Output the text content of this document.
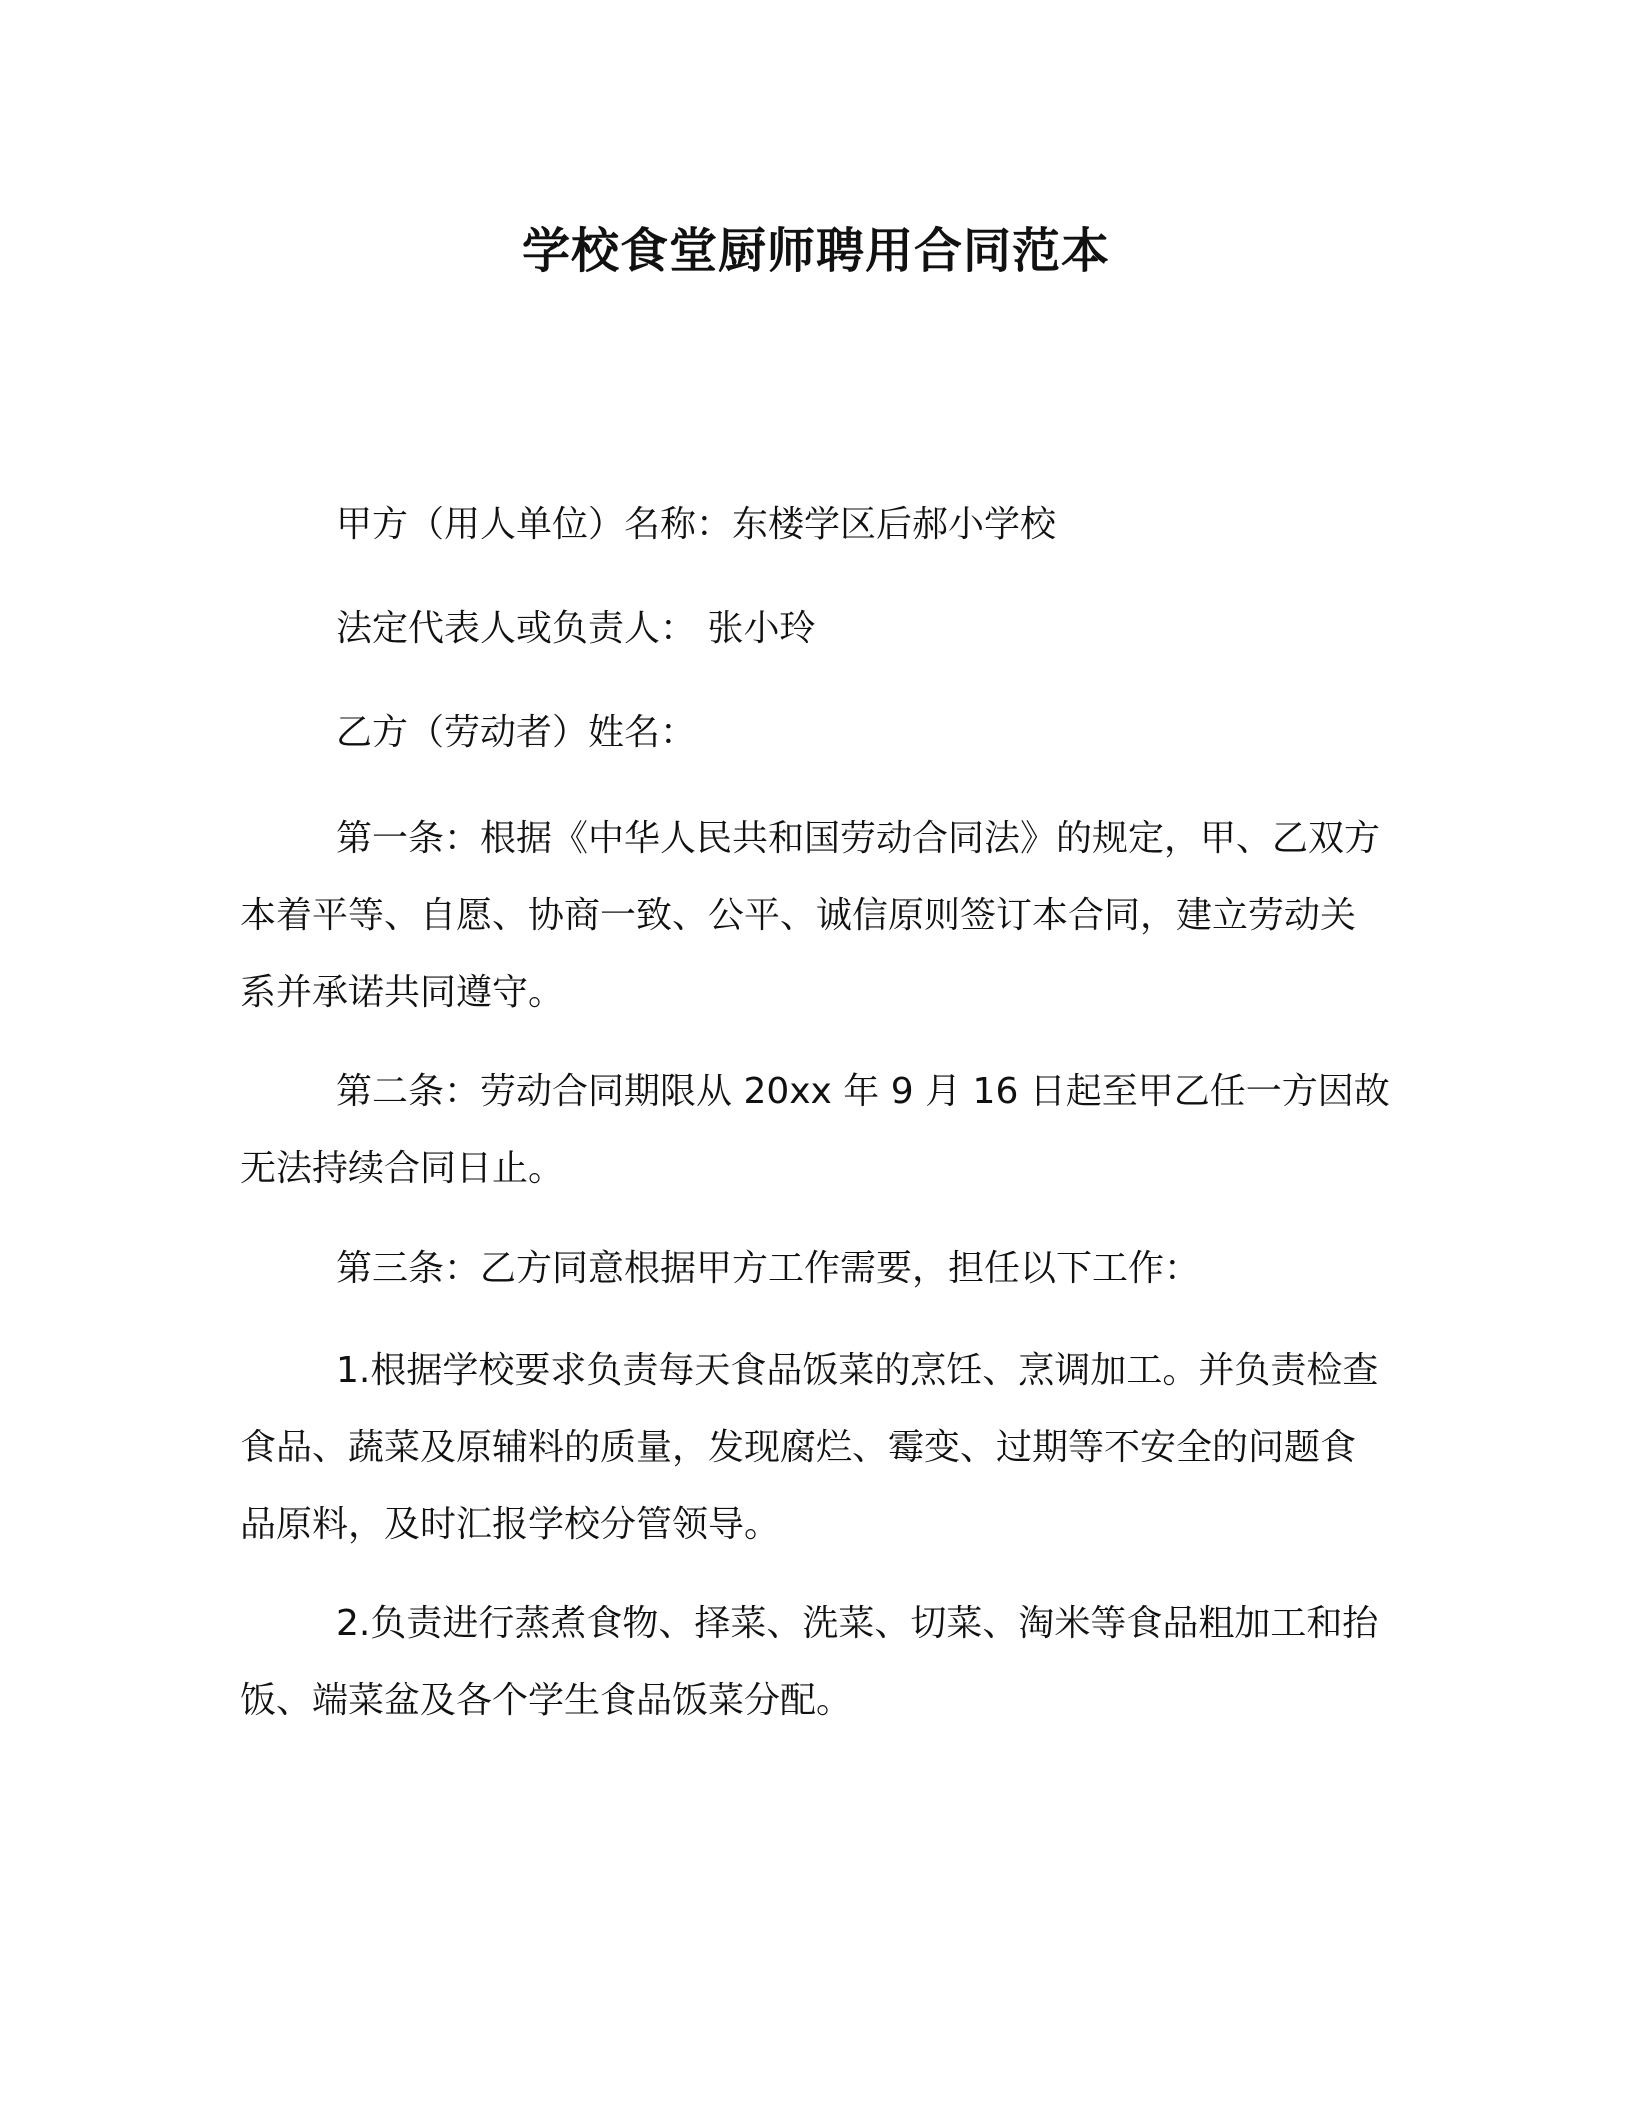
学校食堂厨师聘用合同范本

甲方（用人单位）名称：东楼学区后郝小学校

法定代表人或负责人： 张小玲

乙方（劳动者）姓名：

第一条：根据《中华人民共和国劳动合同法》的规定，甲、乙双方本着平等、自愿、协商一致、公平、诚信原则签订本合同，建立劳动关系并承诺共同遵守。

第二条：劳动合同期限从 20xx 年 9 月 16 日起至甲乙任一方因故无法持续合同日止。

第三条：乙方同意根据甲方工作需要，担任以下工作：

1.根据学校要求负责每天食品饭菜的烹饪、烹调加工。并负责检查食品、蔬菜及原辅料的质量，发现腐烂、霉变、过期等不安全的问题食品原料，及时汇报学校分管领导。

2.负责进行蒸煮食物、择菜、洗菜、切菜、淘米等食品粗加工和抬饭、端菜盆及各个学生食品饭菜分配。
